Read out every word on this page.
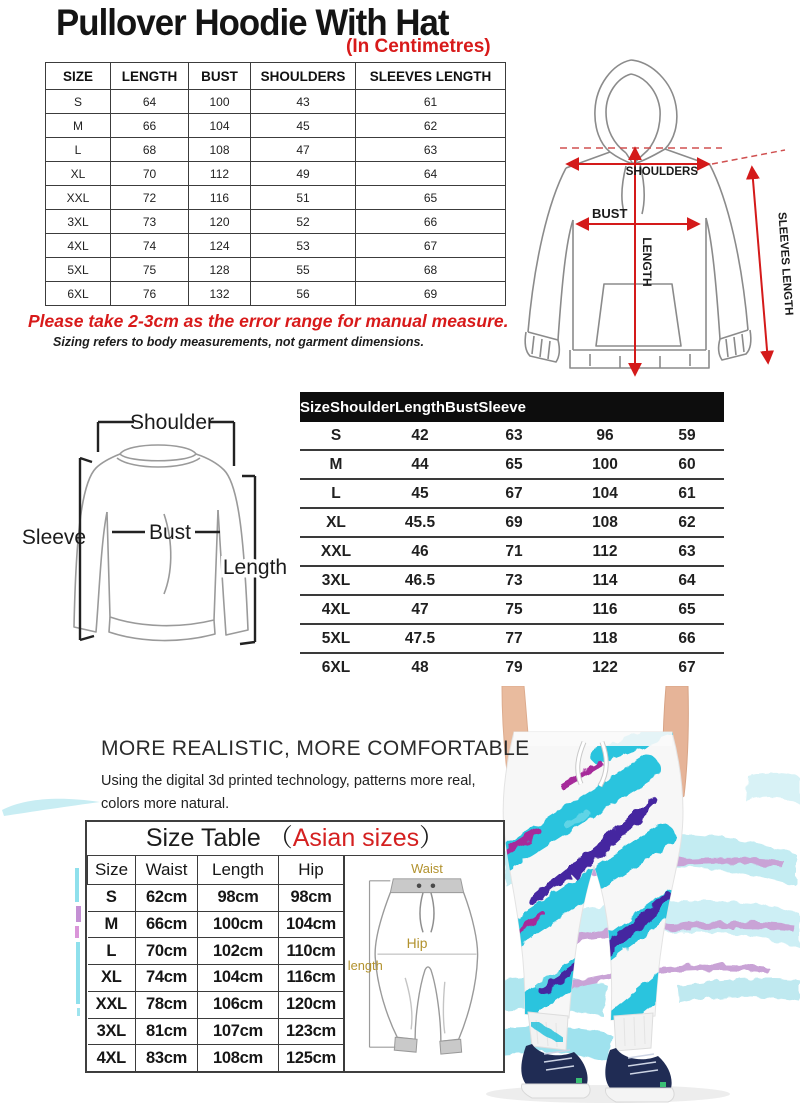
Pullover Hoodie With Hat
(In Centimetres)
SIZE	LENGTH	BUST	SHOULDERS	SLEEVES LENGTH
S	64	100	43	61
M	66	104	45	62
L	68	108	47	63
XL	70	112	49	64
XXL	72	116	51	65
3XL	73	120	52	66
4XL	74	124	53	67
5XL	75	128	55	68
6XL	76	132	56	69
SHOULDERS
BUST
LENGTH	SLEEVES LENGTH
Please take 2-3cm as the error range for manual measure.
Sizing refers to body measurements, not garment dimensions.
Shoulder
Sleeve	Bust
Length
Size Shoulder Length Bust Sleeve
S	42	63	96	59
M	44	65	100	60
L	45	67	104	61
XL	45.5	69	108	62
XXL	46	71	112	63
3XL	46.5	73	114	64
4XL	47	75	116	65
5XL	47.5	77	118	66
6XL	48	79	122	67
MORE REALISTIC, MORE COMFORTABLE
Using the digital 3d printed technology, patterns more real,
colors more natural.
Size Table （Asian sizes）
Size	Waist	Length	Hip
S	62cm	98cm	98cm
M	66cm	100cm	104cm
L	70cm	102cm	110cm
XL	74cm	104cm	116cm
XXL	78cm	106cm	120cm
3XL	81cm	107cm	123cm
4XL	83cm	108cm	125cm
Waist
Hip
length
